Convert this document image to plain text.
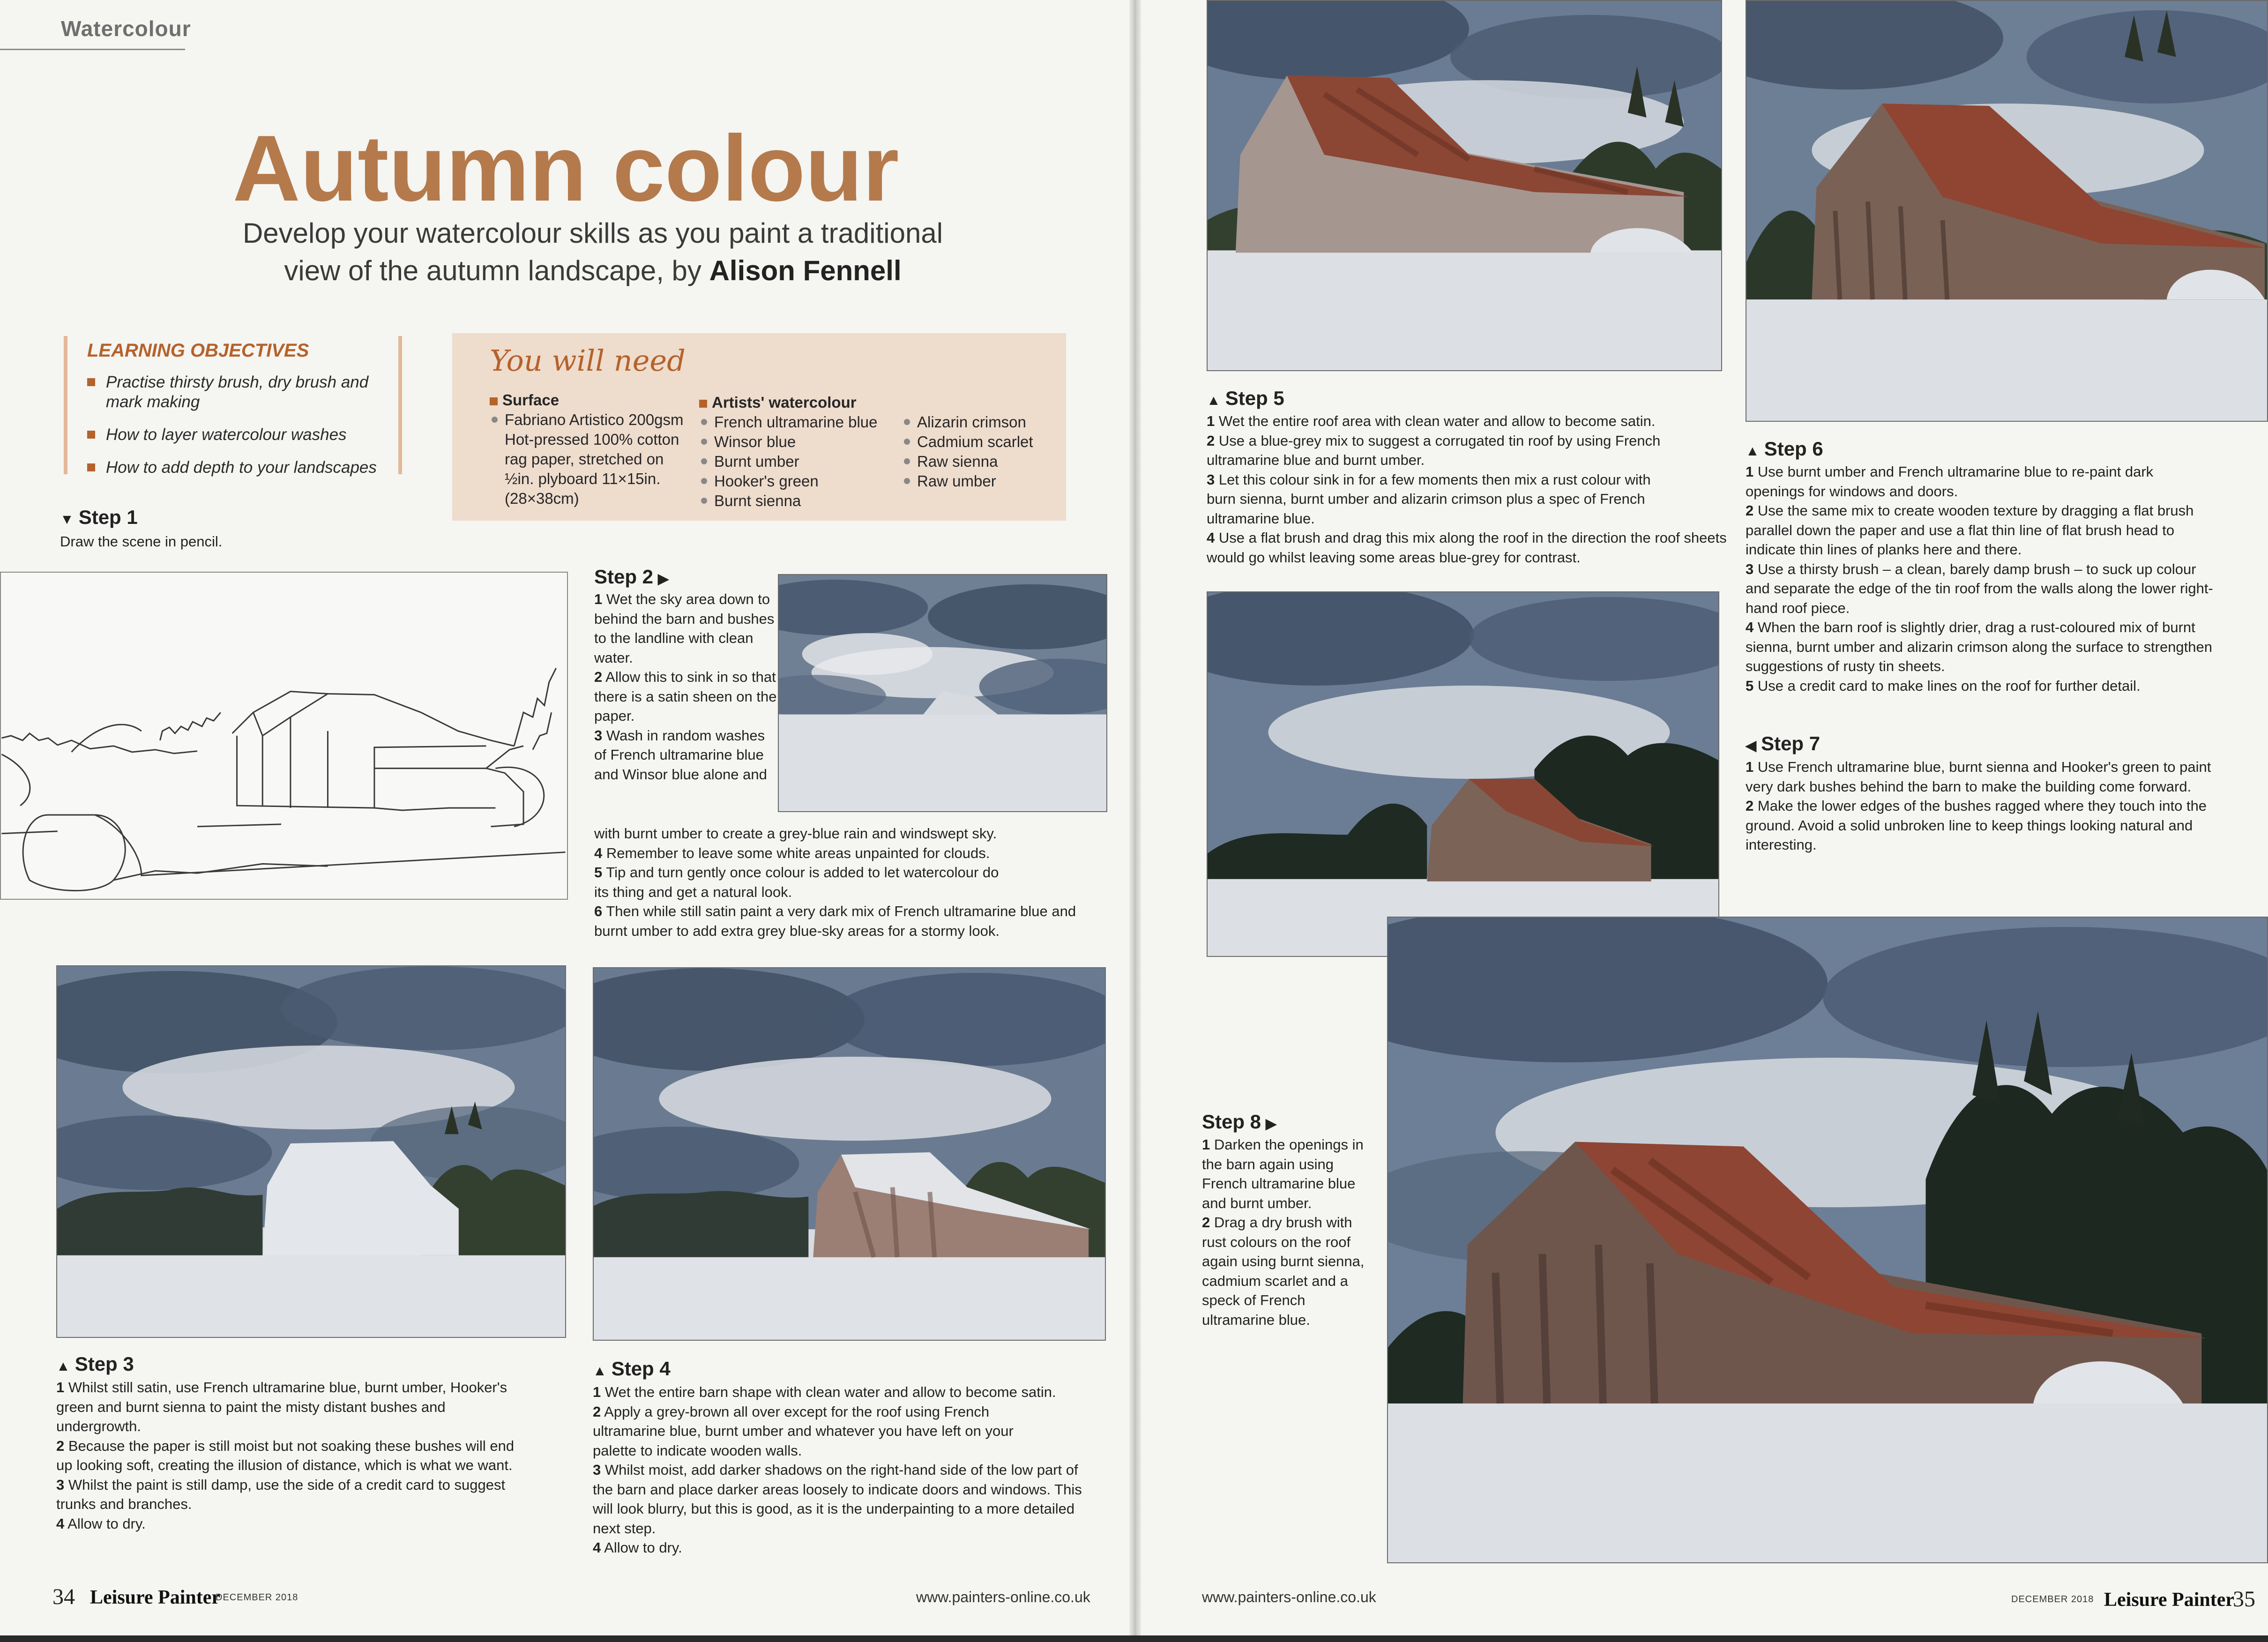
Watercolour
Autumn colour
Develop your watercolour skills as you paint a traditional
view of the autumn landscape, by Alison Fennell
LEARNING OBJECTIVES
Practise thirsty brush, dry brush and mark making
How to layer watercolour washes
How to add depth to your landscapes
You will need
Surface
Fabriano Artistico 200gsm Hot-pressed 100% cotton rag paper, stretched on ½in. plyboard 11×15in. (28×38cm)
Artists' watercolour
French ultramarine blue
Winsor blue
Burnt umber
Hooker's green
Burnt sienna
Alizarin crimson
Cadmium scarlet
Raw sienna
Raw umber
▼ Step 1
Draw the scene in pencil.
Step 2 ▶

1 Wet the sky area down to behind the barn and bushes to the landline with clean water.

2 Allow this to sink in so that there is a satin sheen on the paper.

3 Wash in random washes of French ultramarine blue and Winsor blue alone and

with burnt umber to create a grey-blue rain and windswept sky.

4 Remember to leave some white areas unpainted for clouds.

5 Tip and turn gently once colour is added to let watercolour do its thing and get a natural look.

6 Then while still satin paint a very dark mix of French ultramarine blue and burnt umber to add extra grey blue-sky areas for a stormy look.

▲ Step 3

1 Whilst still satin, use French ultramarine blue, burnt umber, Hooker's green and burnt sienna to paint the misty distant bushes and undergrowth.

2 Because the paper is still moist but not soaking these bushes will end up looking soft, creating the illusion of distance, which is what we want.

3 Whilst the paint is still damp, use the side of a credit card to suggest trunks and branches.

4 Allow to dry.

▲ Step 4

1 Wet the entire barn shape with clean water and allow to become satin.

2 Apply a grey-brown all over except for the roof using French ultramarine blue, burnt umber and whatever you have left on your palette to indicate wooden walls.

3 Whilst moist, add darker shadows on the right-hand side of the low part of the barn and place darker areas loosely to indicate doors and windows. This will look blurry, but this is good, as it is the underpainting to a more detailed next step.

4 Allow to dry.

34 Leisure Painter
DECEMBER 2018	www.painters-online.co.uk
▲ Step 5

1 Wet the entire roof area with clean water and allow to become satin.

2 Use a blue-grey mix to suggest a corrugated tin roof by using French ultramarine blue and burnt umber.

3 Let this colour sink in for a few moments then mix a rust colour with burn sienna, burnt umber and alizarin crimson plus a spec of French ultramarine blue.

4 Use a flat brush and drag this mix along the roof in the direction the roof sheets would go whilst leaving some areas blue-grey for contrast.

▲ Step 6

1 Use burnt umber and French ultramarine blue to re-paint dark openings for windows and doors.

2 Use the same mix to create wooden texture by dragging a flat brush parallel down the paper and use a flat thin line of flat brush head to indicate thin lines of planks here and there.

3 Use a thirsty brush – a clean, barely damp brush – to suck up colour and separate the edge of the tin roof from the walls along the lower right-hand roof piece.

4 When the barn roof is slightly drier, drag a rust-coloured mix of burnt sienna, burnt umber and alizarin crimson along the surface to strengthen suggestions of rusty tin sheets.

5 Use a credit card to make lines on the roof for further detail.

◀ Step 7

1 Use French ultramarine blue, burnt sienna and Hooker's green to paint very dark bushes behind the barn to make the building come forward.

2 Make the lower edges of the bushes ragged where they touch into the ground. Avoid a solid unbroken line to keep things looking natural and interesting.

Step 8 ▶

1 Darken the openings in the barn again using French ultramarine blue and burnt umber.

2 Drag a dry brush with rust colours on the roof again using burnt sienna, cadmium scarlet and a speck of French ultramarine blue.

www.painters-online.co.uk	DECEMBER 2018 Leisure Painter
35
